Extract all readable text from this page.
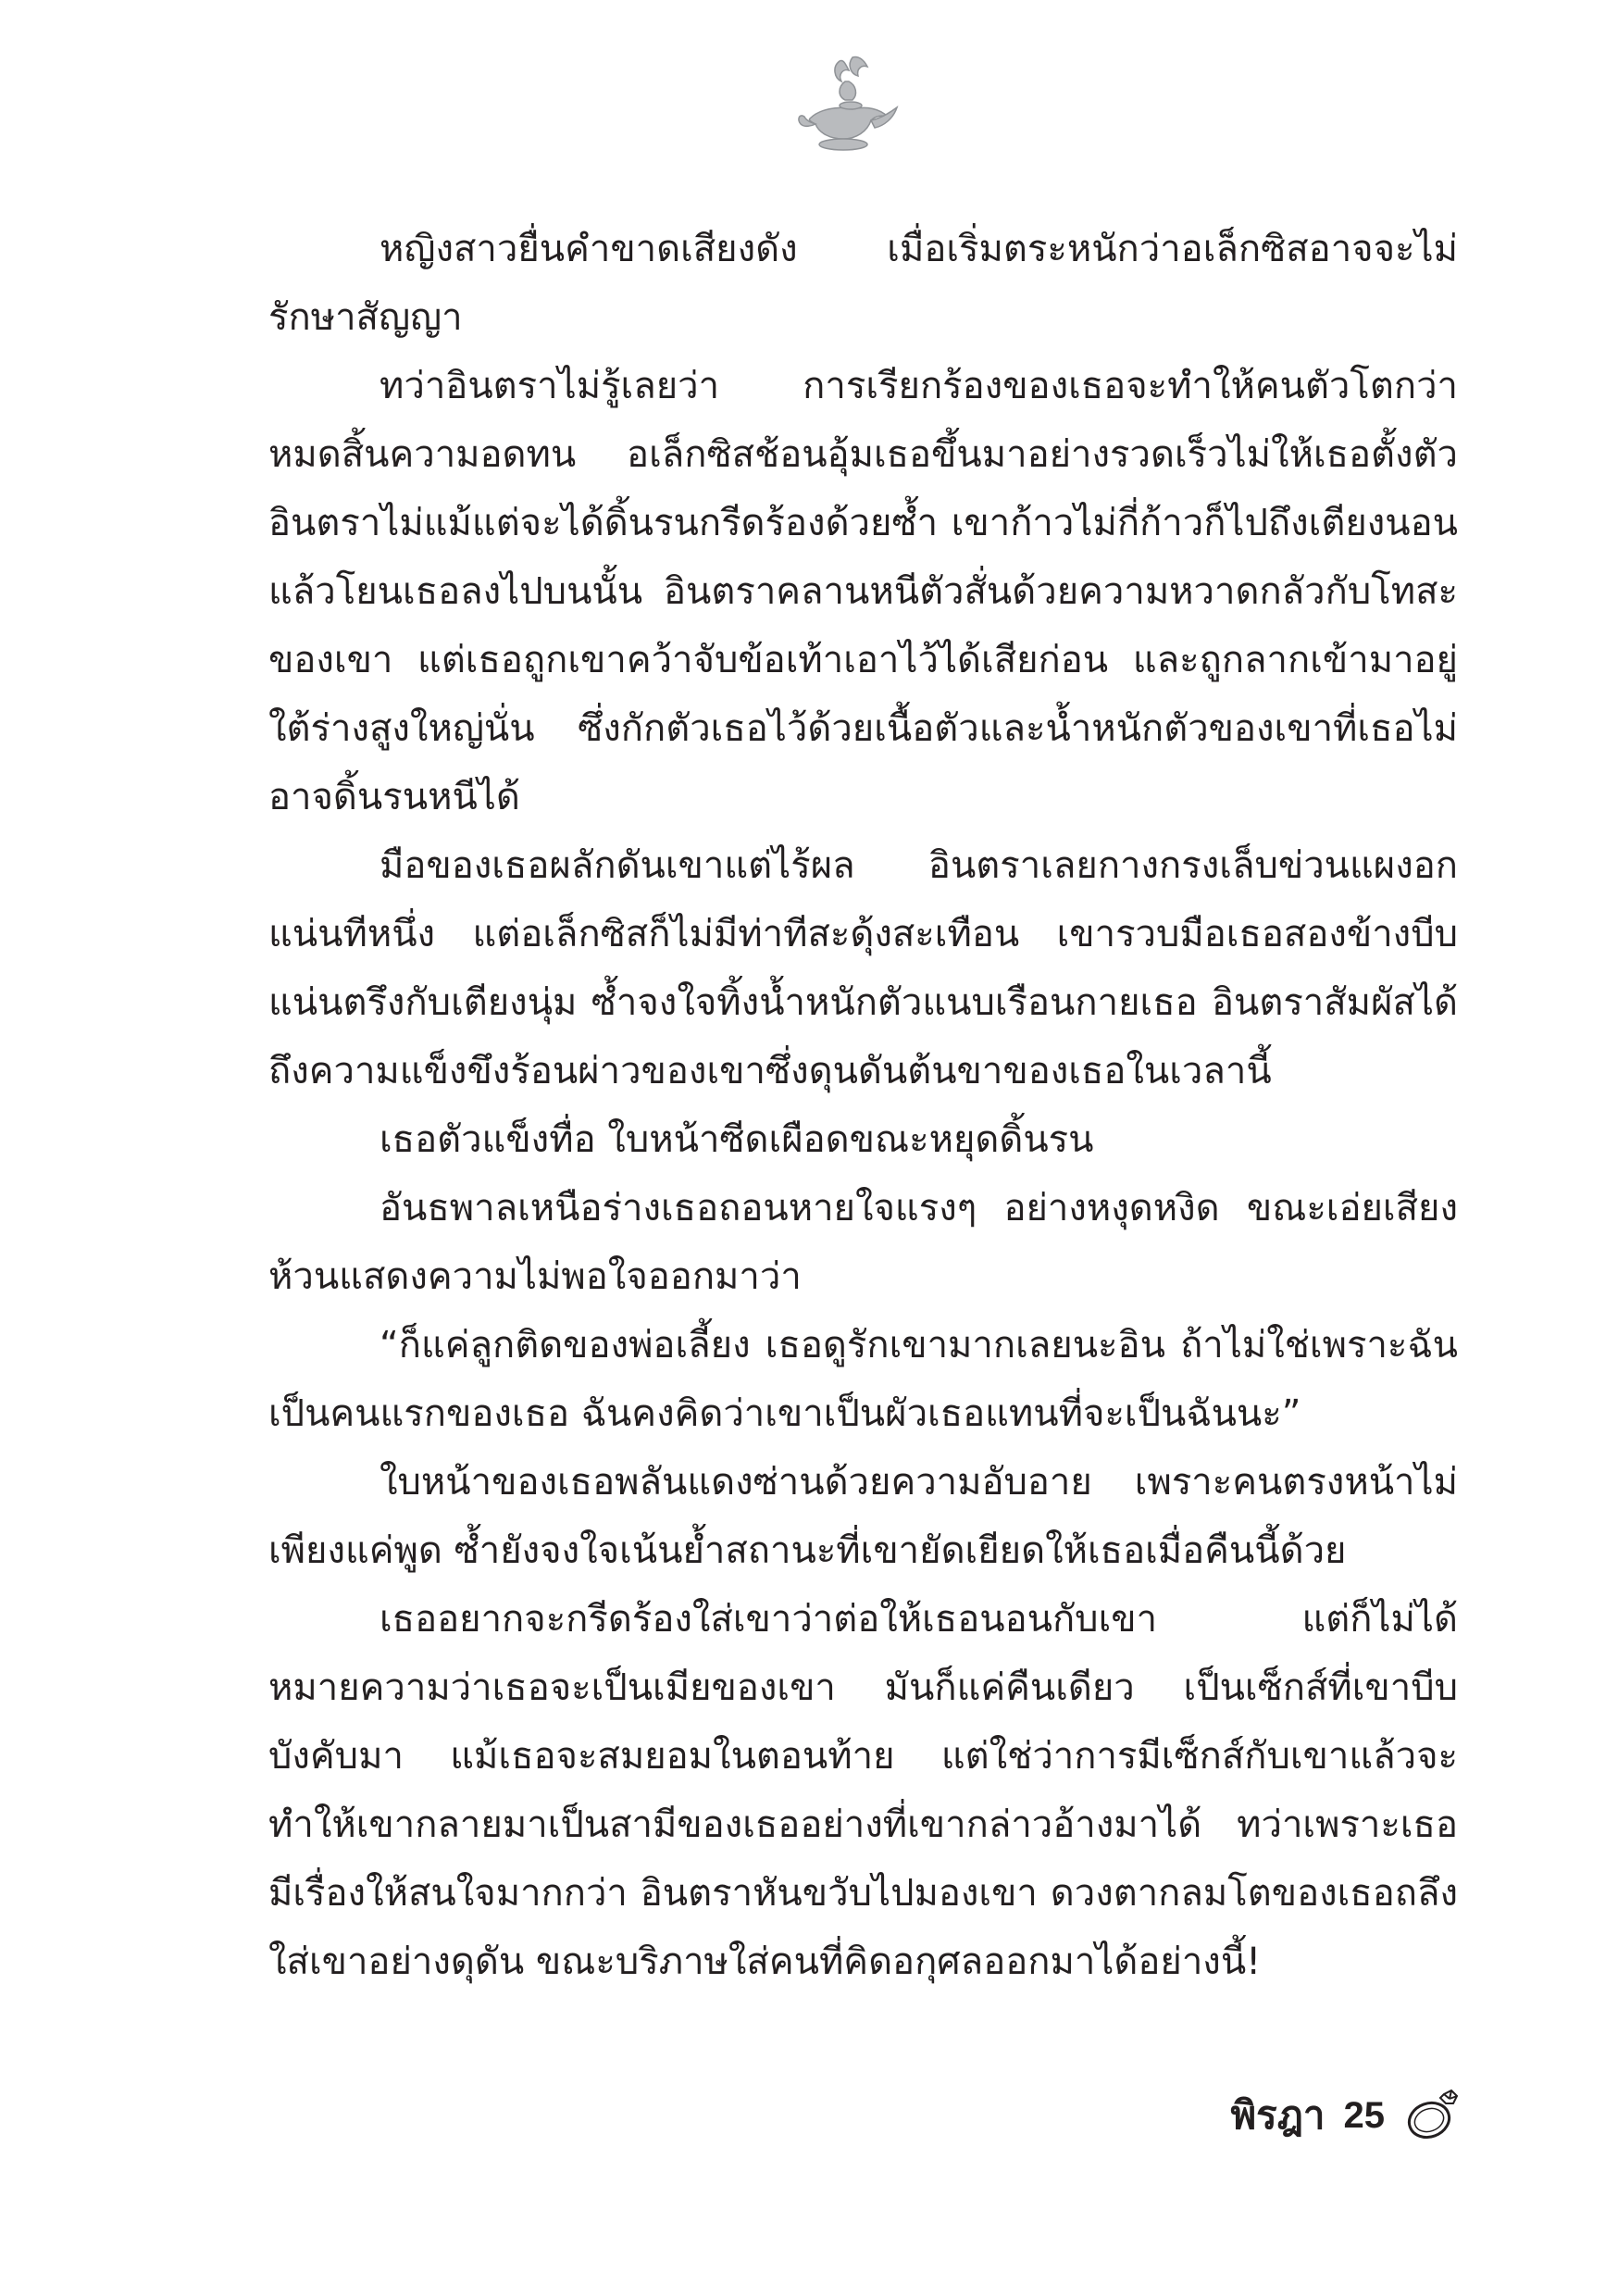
หญิงสาวยื่นคำขาดเสียงดัง เมื่อเริ่มตระหนักว่าอเล็กซิสอาจจะไม่รักษาสัญญา

ทว่าอินตราไม่รู้เลยว่า การเรียกร้องของเธอจะทำให้คนตัวโตกว่าหมดสิ้นความอดทน อเล็กซิสช้อนอุ้มเธอขึ้นมาอย่างรวดเร็วไม่ให้เธอตั้งตัว อินตราไม่แม้แต่จะได้ดิ้นรนกรีดร้องด้วยซ้ำ เขาก้าวไม่กี่ก้าวก็ไปถึงเตียงนอน แล้วโยนเธอลงไปบนนั้น อินตราคลานหนีตัวสั่นด้วยความหวาดกลัวกับโทสะของเขา แต่เธอถูกเขาคว้าจับข้อเท้าเอาไว้ได้เสียก่อน และถูกลากเข้ามาอยู่ใต้ร่างสูงใหญ่นั่น ซึ่งกักตัวเธอไว้ด้วยเนื้อตัวและน้ำหนักตัวของเขาที่เธอไม่อาจดิ้นรนหนีได้

มือของเธอผลักดันเขาแต่ไร้ผล อินตราเลยกางกรงเล็บข่วนแผงอกแน่นทีหนึ่ง แต่อเล็กซิสก็ไม่มีท่าทีสะดุ้งสะเทือน เขารวบมือเธอสองข้างบีบแน่นตรึงกับเตียงนุ่ม ซ้ำจงใจทิ้งน้ำหนักตัวแนบเรือนกายเธอ อินตราสัมผัสได้ถึงความแข็งขึงร้อนผ่าวของเขาซึ่งดุนดันต้นขาของเธอในเวลานี้

เธอตัวแข็งทื่อ ใบหน้าซีดเผือดขณะหยุดดิ้นรน

อันธพาลเหนือร่างเธอถอนหายใจแรงๆ อย่างหงุดหงิด ขณะเอ่ยเสียงห้วนแสดงความไม่พอใจออกมาว่า

“ก็แค่ลูกติดของพ่อเลี้ยง เธอดูรักเขามากเลยนะอิน ถ้าไม่ใช่เพราะฉันเป็นคนแรกของเธอ ฉันคงคิดว่าเขาเป็นผัวเธอแทนที่จะเป็นฉันนะ”

ใบหน้าของเธอพลันแดงซ่านด้วยความอับอาย เพราะคนตรงหน้าไม่เพียงแค่พูด ซ้ำยังจงใจเน้นย้ำสถานะที่เขายัดเยียดให้เธอเมื่อคืนนี้ด้วย

เธออยากจะกรีดร้องใส่เขาว่าต่อให้เธอนอนกับเขา แต่ก็ไม่ได้หมายความว่าเธอจะเป็นเมียของเขา มันก็แค่คืนเดียว เป็นเซ็กส์ที่เขาบีบบังคับมา แม้เธอจะสมยอมในตอนท้าย แต่ใช่ว่าการมีเซ็กส์กับเขาแล้วจะทำให้เขากลายมาเป็นสามีของเธออย่างที่เขากล่าวอ้างมาได้ ทว่าเพราะเธอมีเรื่องให้สนใจมากกว่า อินตราหันขวับไปมองเขา ดวงตากลมโตของเธอถลึงใส่เขาอย่างดุดัน ขณะบริภาษใส่คนที่คิดอกุศลออกมาได้อย่างนี้!

พิรฎา 25
